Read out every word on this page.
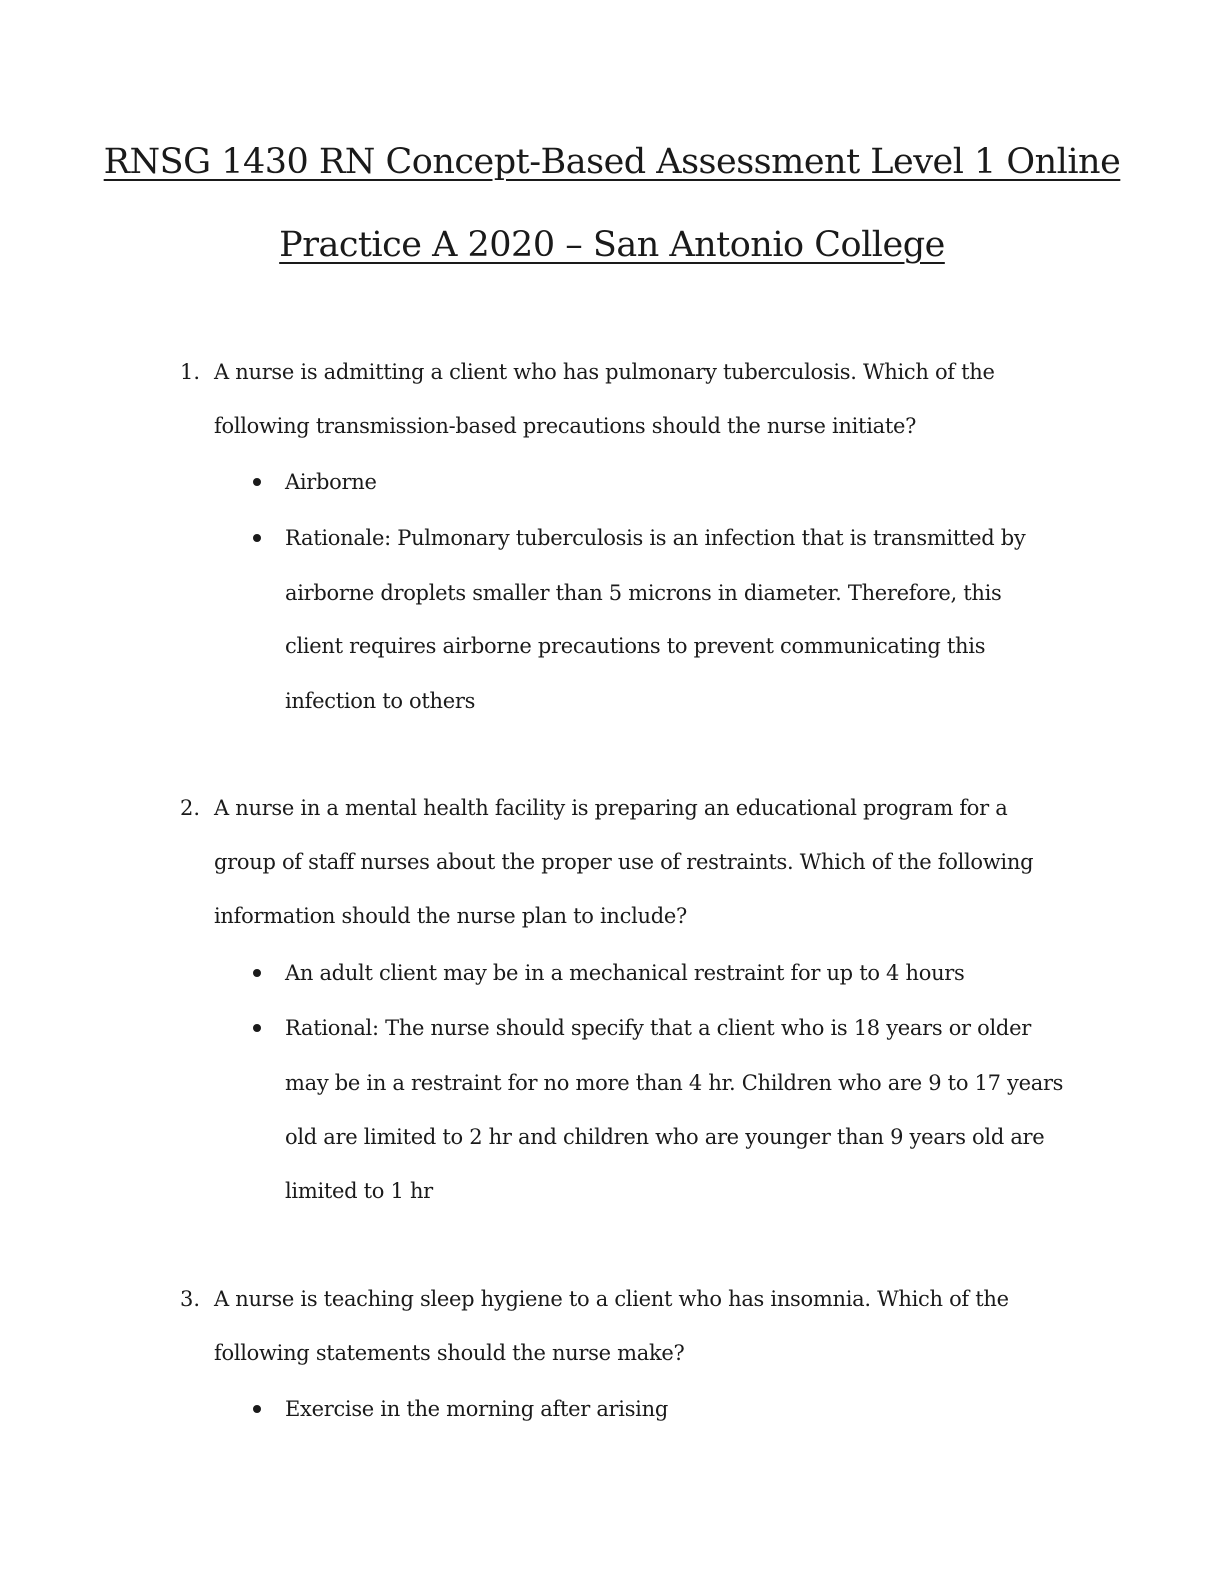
RNSG 1430 RN Concept-Based Assessment Level 1 Online
Practice A 2020 – San Antonio College
1. A nurse is admitting a client who has pulmonary tuberculosis. Which of the
following transmission-based precautions should the nurse initiate?
Airborne
Rationale: Pulmonary tuberculosis is an infection that is transmitted by
airborne droplets smaller than 5 microns in diameter. Therefore, this
client requires airborne precautions to prevent communicating this
infection to others
2. A nurse in a mental health facility is preparing an educational program for a
group of staff nurses about the proper use of restraints. Which of the following
information should the nurse plan to include?
An adult client may be in a mechanical restraint for up to 4 hours
Rational: The nurse should specify that a client who is 18 years or older
may be in a restraint for no more than 4 hr. Children who are 9 to 17 years
old are limited to 2 hr and children who are younger than 9 years old are
limited to 1 hr
3. A nurse is teaching sleep hygiene to a client who has insomnia. Which of the
following statements should the nurse make?
Exercise in the morning after arising
